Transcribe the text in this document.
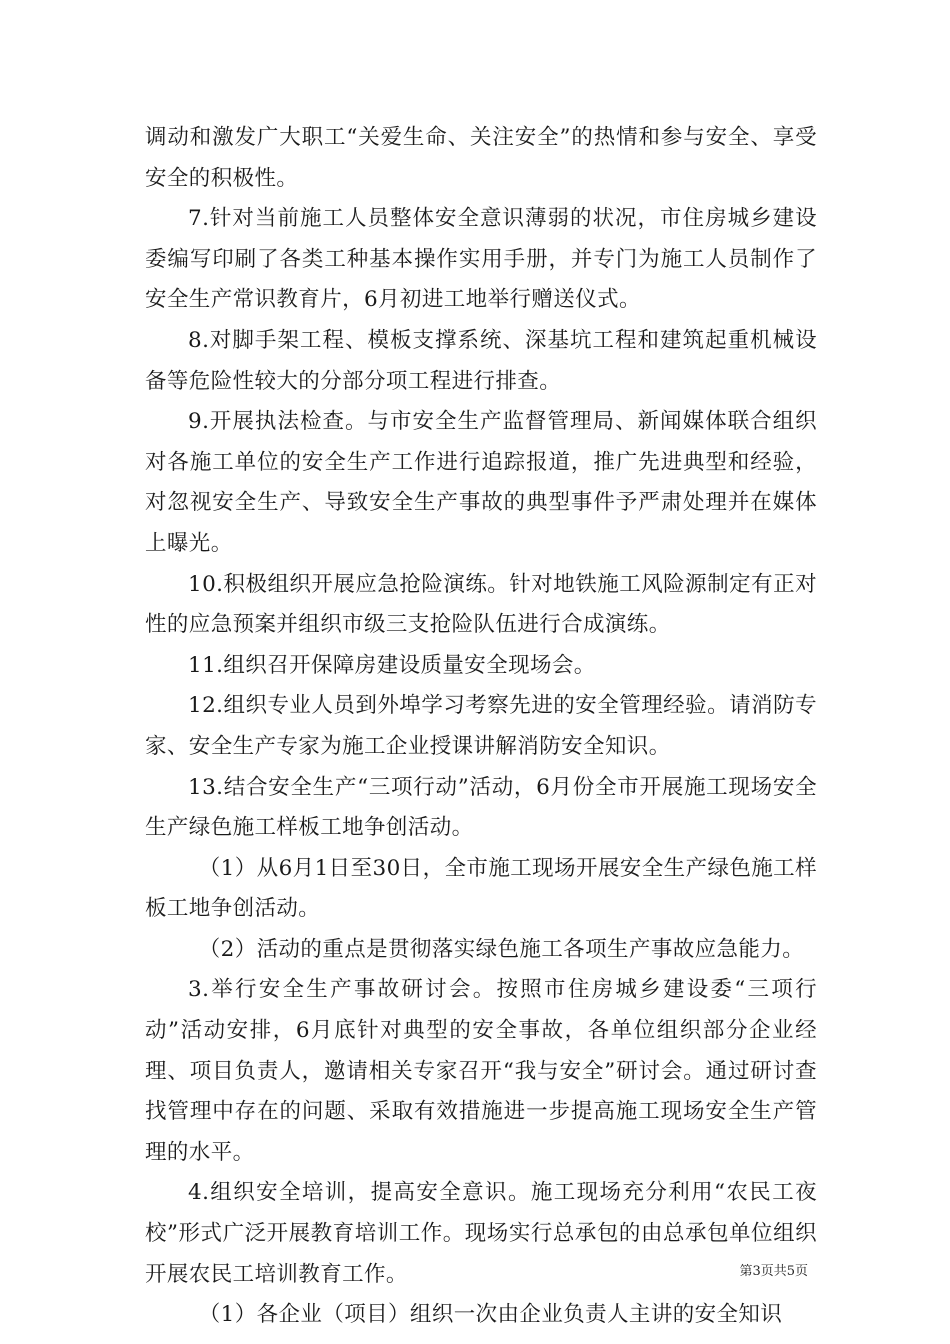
调动和激发广大职工“关爱生命、关注安全”的热情和参与安全、享受安全的积极性。

7.针对当前施工人员整体安全意识薄弱的状况，市住房城乡建设委编写印刷了各类工种基本操作实用手册，并专门为施工人员制作了安全生产常识教育片，6月初进工地举行赠送仪式。

8.对脚手架工程、模板支撑系统、深基坑工程和建筑起重机械设备等危险性较大的分部分项工程进行排查。

9.开展执法检查。与市安全生产监督管理局、新闻媒体联合组织对各施工单位的安全生产工作进行追踪报道，推广先进典型和经验，对忽视安全生产、导致安全生产事故的典型事件予严肃处理并在媒体上曝光。

10.积极组织开展应急抢险演练。针对地铁施工风险源制定有正对性的应急预案并组织市级三支抢险队伍进行合成演练。

11.组织召开保障房建设质量安全现场会。

12.组织专业人员到外埠学习考察先进的安全管理经验。请消防专家、安全生产专家为施工企业授课讲解消防安全知识。

13.结合安全生产“三项行动”活动，6月份全市开展施工现场安全生产绿色施工样板工地争创活动。

（1）从6月1日至30日，全市施工现场开展安全生产绿色施工样板工地争创活动。

（2）活动的重点是贯彻落实绿色施工各项生产事故应急能力。

3.举行安全生产事故研讨会。按照市住房城乡建设委“三项行动”活动安排，6月底针对典型的安全事故，各单位组织部分企业经理、项目负责人，邀请相关专家召开“我与安全”研讨会。通过研讨查找管理中存在的问题、采取有效措施进一步提高施工现场安全生产管理的水平。

4.组织安全培训，提高安全意识。施工现场充分利用“农民工夜校”形式广泛开展教育培训工作。现场实行总承包的由总承包单位组织开展农民工培训教育工作。

（1）各企业（项目）组织一次由企业负责人主讲的安全知识

第3页共5页
